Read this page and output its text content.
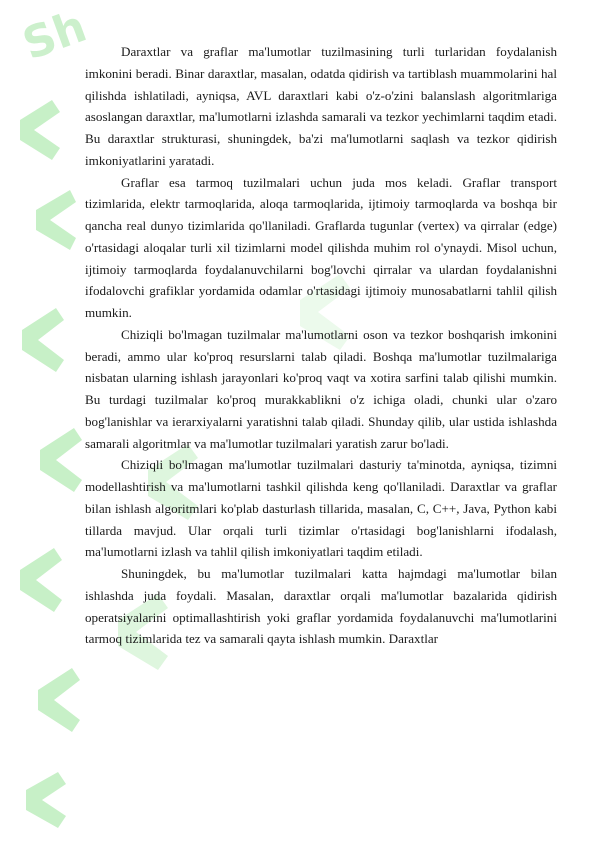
Sh	Daraxtlar va graflar ma'lumotlar tuzilmasining turli turlaridan foydalanish imkonini beradi. Binar daraxtlar, masalan, odatda qidirish va tartiblash muammolarini hal qilishda ishlatiladi, ayniqsa, AVL daraxtlari kabi o'z-o'zini balanslash algoritmlariga asoslangan daraxtlar, ma'lumotlarni izlashda samarali va tezkor yechimlarni taqdim etadi. Bu daraxtlar strukturasi, shuningdek, ba'zi ma'lumotlarni saqlash va tezkor qidirish imkoniyatlarini yaratadi.

Graflar esa tarmoq tuzilmalari uchun juda mos keladi. Graflar transport tizimlarida, elektr tarmoqlarida, aloqa tarmoqlarida, ijtimoiy tarmoqlarda va boshqa bir qancha real dunyo tizimlarida qo'llaniladi. Graflarda tugunlar (vertex) va qirralar (edge) o'rtasidagi aloqalar turli xil tizimlarni model qilishda muhim rol o'ynaydi. Misol uchun, ijtimoiy tarmoqlarda foydalanuvchilarni bog'lovchi qirralar va ulardan foydalanishni ifodalovchi grafiklar yordamida odamlar o'rtasidagi ijtimoiy munosabatlarni tahlil qilish mumkin.

Chiziqli bo'lmagan tuzilmalar ma'lumotlarni oson va tezkor boshqarish imkonini beradi, ammo ular ko'proq resurslarni talab qiladi. Boshqa ma'lumotlar tuzilmalariga nisbatan ularning ishlash jarayonlari ko'proq vaqt va xotira sarfini talab qilishi mumkin. Bu turdagi tuzilmalar ko'proq murakkablikni o'z ichiga oladi, chunki ular o'zaro bog'lanishlar va ierarxiyalarni yaratishni talab qiladi. Shunday qilib, ular ustida ishlashda samarali algoritmlar va ma'lumotlar tuzilmalari yaratish zarur bo'ladi.

Chiziqli bo'lmagan ma'lumotlar tuzilmalari dasturiy ta'minotda, ayniqsa, tizimni modellashtirish va ma'lumotlarni tashkil qilishda keng qo'llaniladi. Daraxtlar va graflar bilan ishlash algoritmlari ko'plab dasturlash tillarida, masalan, C, C++, Java, Python kabi tillarda mavjud. Ular orqali turli tizimlar o'rtasidagi bog'lanishlarni ifodalash, ma'lumotlarni izlash va tahlil qilish imkoniyatlari taqdim etiladi.

Shuningdek, bu ma'lumotlar tuzilmalari katta hajmdagi ma'lumotlar bilan ishlashda juda foydali. Masalan, daraxtlar orqali ma'lumotlar bazalarida qidirish operatsiyalarini optimallashtirish yoki graflar yordamida foydalanuvchi ma'lumotlarini tarmoq tizimlarida tez va samarali qayta ishlash mumkin. Daraxtlar
